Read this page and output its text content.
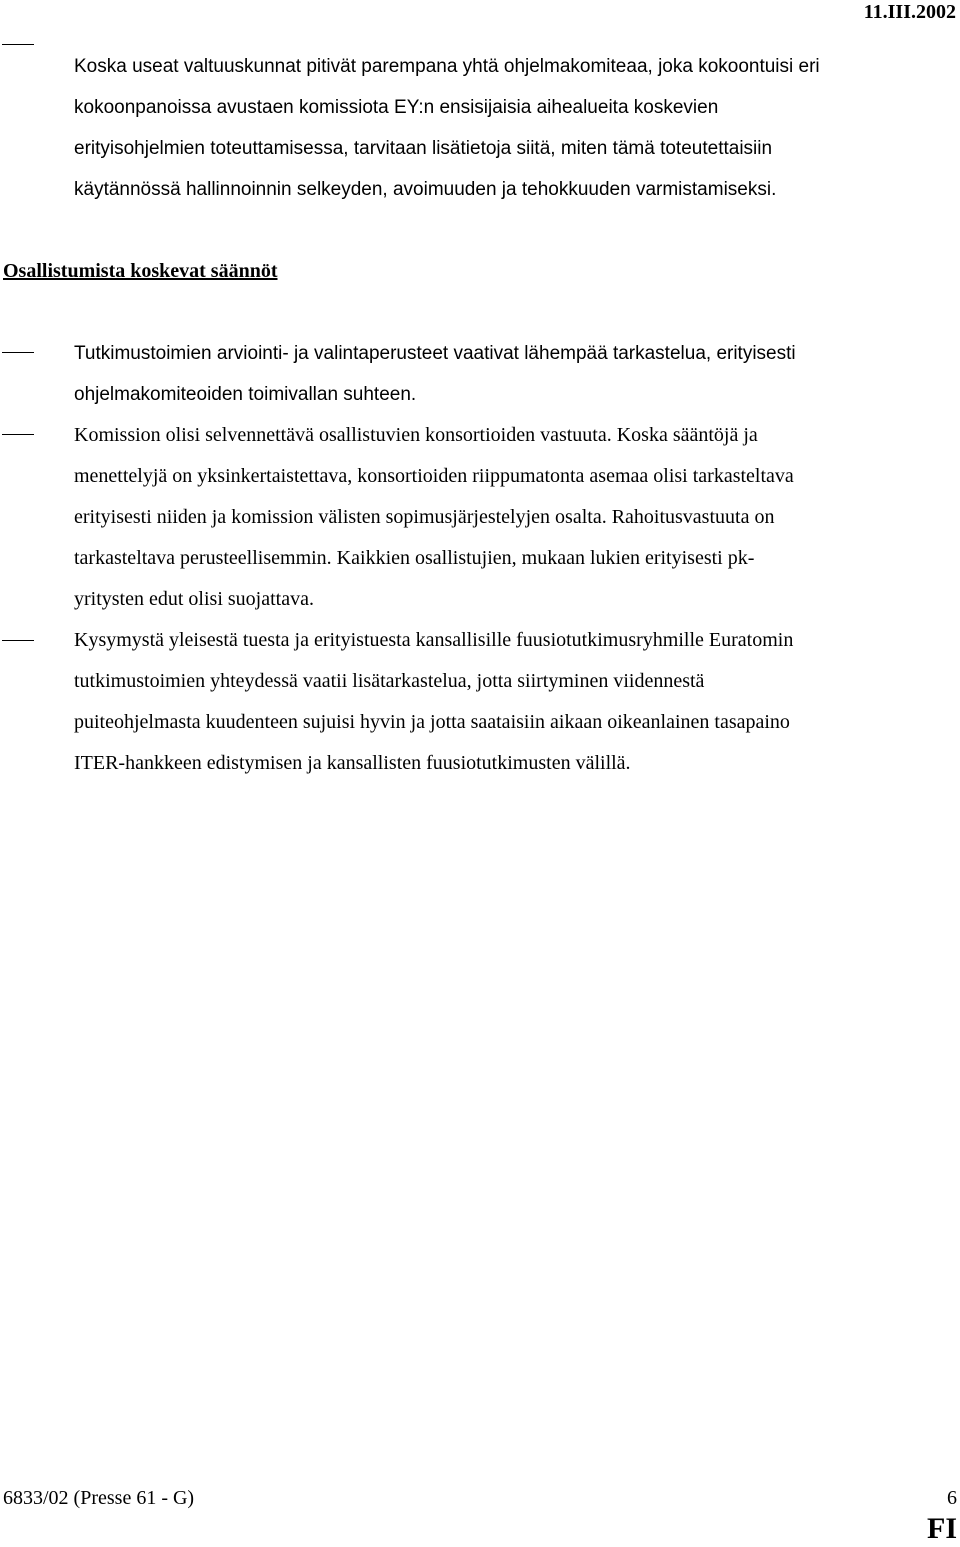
11.III.2002
Koska useat valtuuskunnat pitivät parempana yhtä ohjelmakomiteaa, joka kokoontuisi eri
kokoonpanoissa avustaen komissiota EY:n ensisijaisia aihealueita koskevien
erityisohjelmien toteuttamisessa, tarvitaan lisätietoja siitä, miten tämä toteutettaisiin
käytännössä hallinnoinnin selkeyden, avoimuuden ja tehokkuuden varmistamiseksi.
Osallistumista koskevat säännöt
Tutkimustoimien arviointi- ja valintaperusteet vaativat lähempää tarkastelua, erityisesti
ohjelmakomiteoiden toimivallan suhteen.
Komission olisi selvennettävä osallistuvien konsortioiden vastuuta. Koska sääntöjä ja
menettelyjä on yksinkertaistettava, konsortioiden riippumatonta asemaa olisi tarkasteltava
erityisesti niiden ja komission välisten sopimusjärjestelyjen osalta. Rahoitusvastuuta on
tarkasteltava perusteellisemmin. Kaikkien osallistujien, mukaan lukien erityisesti pk-
yritysten edut olisi suojattava.
Kysymystä yleisestä tuesta ja erityistuesta kansallisille fuusiotutkimusryhmille Euratomin
tutkimustoimien yhteydessä vaatii lisätarkastelua, jotta siirtyminen viidennestä
puiteohjelmasta kuudenteen sujuisi hyvin ja jotta saataisiin aikaan oikeanlainen tasapaino
ITER-hankkeen edistymisen ja kansallisten fuusiotutkimusten välillä.
6833/02 (Presse 61 - G)	6
FI
